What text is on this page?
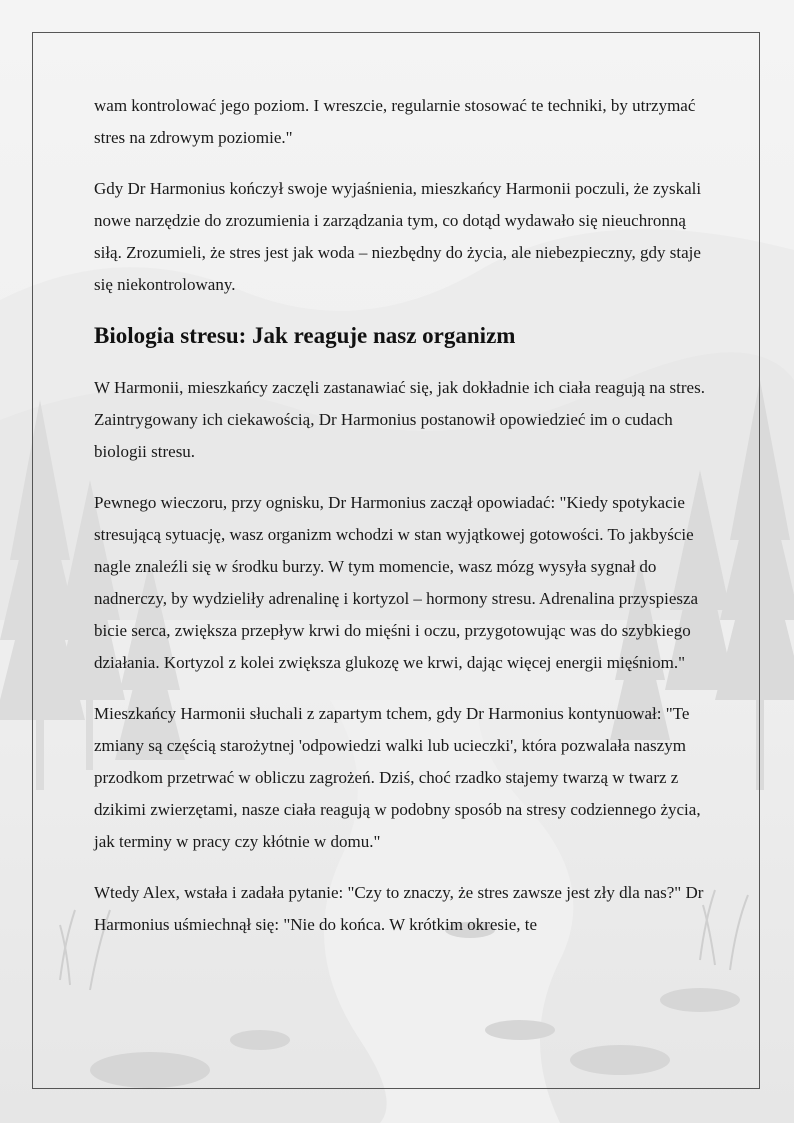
wam kontrolować jego poziom. I wreszcie, regularnie stosować te techniki, by utrzymać stres na zdrowym poziomie."

Gdy Dr Harmonius kończył swoje wyjaśnienia, mieszkańcy Harmonii poczuli, że zyskali nowe narzędzie do zrozumienia i zarządzania tym, co dotąd wydawało się nieuchronną siłą. Zrozumieli, że stres jest jak woda – niezbędny do życia, ale niebezpieczny, gdy staje się niekontrolowany.

Biologia stresu: Jak reaguje nasz organizm

W Harmonii, mieszkańcy zaczęli zastanawiać się, jak dokładnie ich ciała reagują na stres. Zaintrygowany ich ciekawością, Dr Harmonius postanowił opowiedzieć im o cudach biologii stresu.

Pewnego wieczoru, przy ognisku, Dr Harmonius zaczął opowiadać: "Kiedy spotykacie stresującą sytuację, wasz organizm wchodzi w stan wyjątkowej gotowości. To jakbyście nagle znaleźli się w środku burzy. W tym momencie, wasz mózg wysyła sygnał do nadnerczy, by wydzieliły adrenalinę i kortyzol – hormony stresu. Adrenalina przyspiesza bicie serca, zwiększa przepływ krwi do mięśni i oczu, przygotowując was do szybkiego działania. Kortyzol z kolei zwiększa glukozę we krwi, dając więcej energii mięśniom."

Mieszkańcy Harmonii słuchali z zapartym tchem, gdy Dr Harmonius kontynuował: "Te zmiany są częścią starożytnej 'odpowiedzi walki lub ucieczki', która pozwalała naszym przodkom przetrwać w obliczu zagrożeń. Dziś, choć rzadko stajemy twarzą w twarz z dzikimi zwierzętami, nasze ciała reagują w podobny sposób na stresy codziennego życia, jak terminy w pracy czy kłótnie w domu."

Wtedy Alex, wstała i zadała pytanie: "Czy to znaczy, że stres zawsze jest zły dla nas?" Dr Harmonius uśmiechnął się: "Nie do końca. W krótkim okresie, te
